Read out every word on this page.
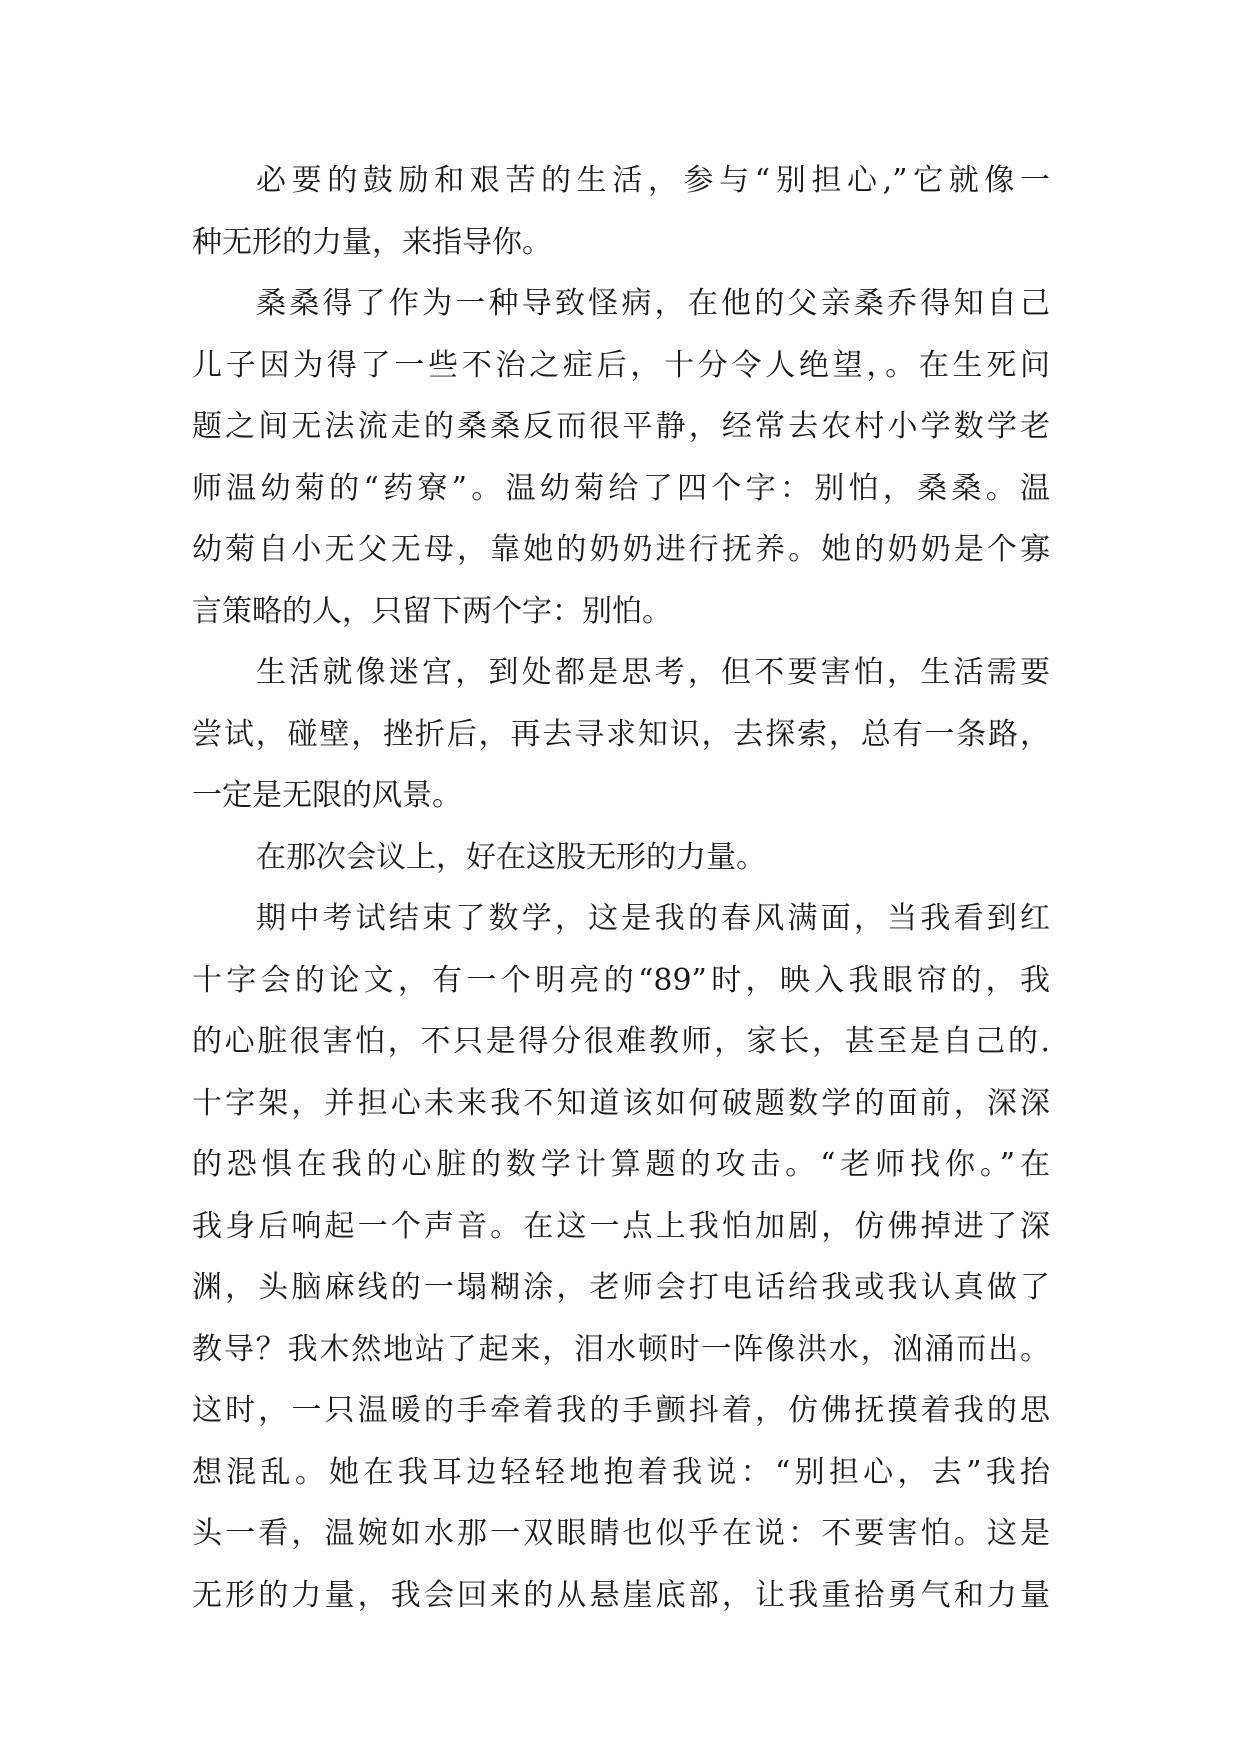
必要的鼓励和艰苦的生活，参与“别担心,”它就像一
种无形的力量，来指导你。
桑桑得了作为一种导致怪病，在他的父亲桑乔得知自己
儿子因为得了一些不治之症后，十分令人绝望，。在生死问
题之间无法流走的桑桑反而很平静，经常去农村小学数学老
师温幼菊的“药寮”。温幼菊给了四个字：别怕，桑桑。温
幼菊自小无父无母，靠她的奶奶进行抚养。她的奶奶是个寡
言策略的人，只留下两个字：别怕。
生活就像迷宫，到处都是思考，但不要害怕，生活需要
尝试，碰壁，挫折后，再去寻求知识，去探索，总有一条路，
一定是无限的风景。
在那次会议上，好在这股无形的力量。
期中考试结束了数学，这是我的春风满面，当我看到红
十字会的论文，有一个明亮的“89”时，映入我眼帘的，我
的心脏很害怕，不只是得分很难教师，家长，甚至是自己的.
十字架，并担心未来我不知道该如何破题数学的面前，深深
的恐惧在我的心脏的数学计算题的攻击。“老师找你。”在
我身后响起一个声音。在这一点上我怕加剧，仿佛掉进了深
渊，头脑麻线的一塌糊涂，老师会打电话给我或我认真做了
教导？我木然地站了起来，泪水顿时一阵像洪水，汹涌而出。
这时，一只温暖的手牵着我的手颤抖着，仿佛抚摸着我的思
想混乱。她在我耳边轻轻地抱着我说：“别担心，去”我抬
头一看，温婉如水那一双眼睛也似乎在说：不要害怕。这是
无形的力量，我会回来的从悬崖底部，让我重拾勇气和力量
